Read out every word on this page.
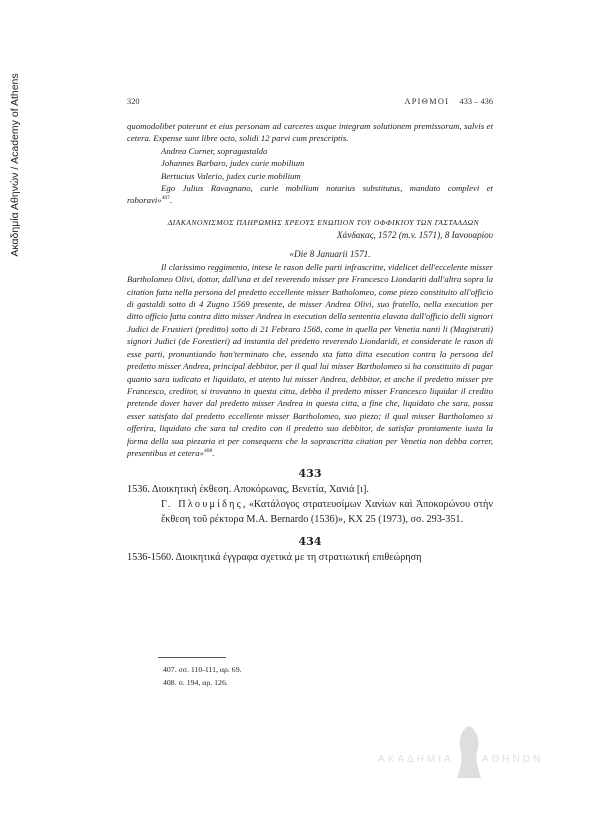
Ακαδημία Αθηνών / Academy of Athens	320	ΑΡΙΘΜΟΙ 433 – 436

quomodolibet poterunt et eius personam ad carceres usque integram solutionem premissorum, salvis et cetera. Expense sunt libre octo, solidi 12 parvi cum prescriptis.

Andrea Corner, sopragastaldo

Johannes Barbaro, judex curie mobilium

Bertucius Valerio, judex curie mobilium

Ego Julius Ravagnano, curie mobilium notarius substitutus, mandato complevi et roboravi»$^{407}$.

ΔΙΑΚΑΝΟΝΙΣΜΟΣ ΠΛΗΡΩΜΗΣ ΧΡΕΟΥΣ ΕΝΩΠΙΟΝ ΤΟΥ ΟΦΦΙΚΙΟΥ ΤΩΝ ΓΑΣΤΑΛΔΩΝ
Χάνδακας, 1572 (m.v. 1571), 8 Ιανουαρίου
«Die 8 Januarii 1571.

Il clarissimo reggimento, intese le rason delle parti infrascritte, videlicet dell'eccelente misser Bartholomeo Olivi, dottor, dall'una et del reverendo misser pre Francesco Liondariti dall'altra sopra la citation fatta nella persona del predetto eccellente misser Batholomeo, come piezo constituito all'officio di gastaldi sotto di 4 Zugno 1569 presente, de misser Andrea Olivi, suo fratello, nella execution per ditto officio fatta contra ditto misser Andrea in execution della sententia elavata dall'officio delli signori Judici de Frustieri (predittо) sotto di 21 Febraro 1568, come in quella per Venetia nanti li (Magistrati) signori Judici (de Forestieri) ad instantia del predetto reverendo Liondaridi, et considerate le rason di esse parti, pronuntiando han'terminato che, essendo sta fatta ditta esecution contra la persona del predetto misser Andrea, principal debbitor, per il qual lui misser Bartholomeo si ha constituito di pagar quanto sara iudicato et liquidato, et atento lui misser Andrea, debbitor, et anche il predetto misser pre Francesco, creditor, si trovanno in questa citta, debba il predetto misser Francesco liquidar il credito pretende dover haver dal predetto misser Andrea in questa citta, a fine che, liquidato che sara, possa esser satisfato dal predetto eccellente misser Bartholomeo, suo piezo; il qual misser Bartholomeo si offerira, liquidato che sara tal credito con il predetto suo debbitor, de satisfar prontamente iuxta la forma della sua piezaria et per consequens che la soprascritta citation per Venetia non debba correr, presentibus et cetera»$^{408}$.

433

1536. Διοικητική έκθεση. Αποκόρωνας, Βενετία, Χανιά [ι].

Γ. Πλουμίδης, «Κατάλογος στρατευσίμων Χανίων καὶ Ἀποκορώνου στὴν ἔκθεση τοῦ ρέκτορα M.A. Bernardo (1536)», ΚΧ 25 (1973), σσ. 293-351.

434

1536-1560. Διοικητικά έγγραφα σχετικά με τη στρατιωτική επιθεώρηση

407. σσ. 110-111, αρ. 69.
408. σ. 194, αρ. 126.
ΑΚΑΔΗΜΙΑ	ΑΘΗΝΩΝ
